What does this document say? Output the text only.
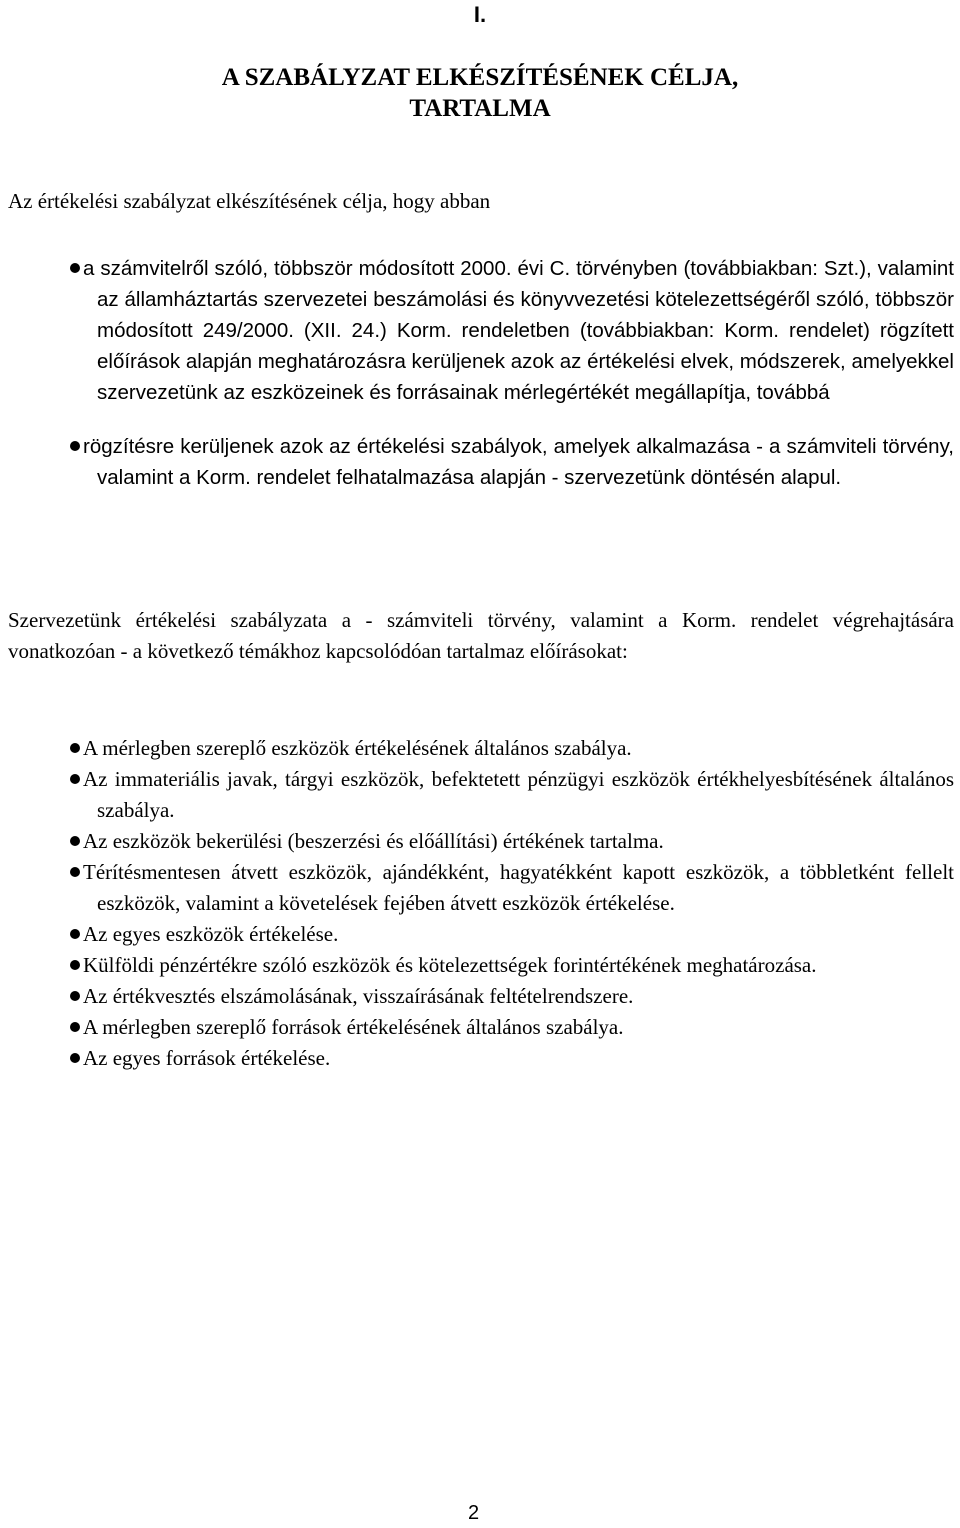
I.
A SZABÁLYZAT ELKÉSZÍTÉSÉNEK CÉLJA,
TARTALMA

Az értékelési szabályzat elkészítésének célja, hogy abban

a számvitelről szóló, többször módosított 2000. évi C. törvényben (továbbiakban: Szt.), valamint az államháztartás szervezetei beszámolási és könyvvezetési kötelezettségéről szóló, többször módosított 249/2000. (XII. 24.) Korm. rendeletben (továbbiakban: Korm. rendelet) rögzített előírások alapján meghatározásra kerüljenek azok az értékelési elvek, módszerek, amelyekkel szervezetünk az eszközeinek és forrásainak mérlegértékét megállapítja, továbbá
rögzítésre kerüljenek azok az értékelési szabályok, amelyek alkalmazása - a számviteli törvény, valamint a Korm. rendelet felhatalmazása alapján - szervezetünk döntésén alapul.

Szervezetünk értékelési szabályzata a - számviteli törvény, valamint a Korm. rendelet végrehajtására vonatkozóan - a következő témákhoz kapcsolódóan tartalmaz előírásokat:

A mérlegben szereplő eszközök értékelésének általános szabálya.
Az immateriális javak, tárgyi eszközök, befektetett pénzügyi eszközök értékhelyesbítésének általános szabálya.
Az eszközök bekerülési (beszerzési és előállítási) értékének tartalma.
Térítésmentesen átvett eszközök, ajándékként, hagyatékként kapott eszközök, a többletként fellelt eszközök, valamint a követelések fejében átvett eszközök értékelése.
Az egyes eszközök értékelése.
Külföldi pénzértékre szóló eszközök és kötelezettségek forintértékének meghatározása.
Az értékvesztés elszámolásának, visszaírásának feltételrendszere.
A mérlegben szereplő források értékelésének általános szabálya.
Az egyes források értékelése.
2
